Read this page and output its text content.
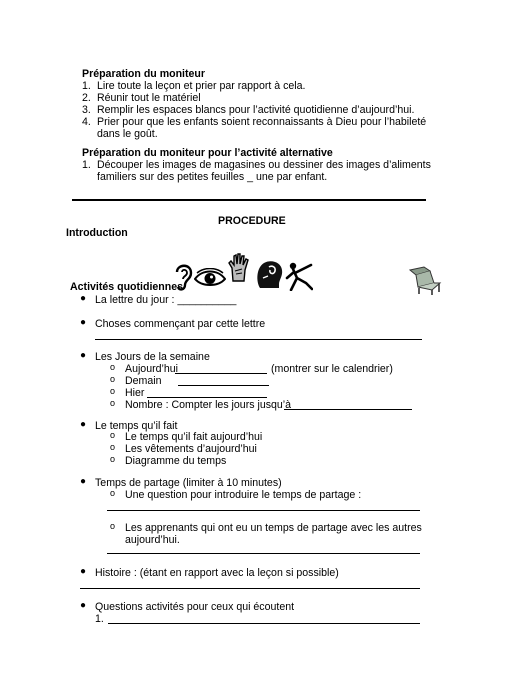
Préparation du moniteur
1. Lire toute la leçon et prier par rapport à cela.
2. Réunir tout le matériel
3. Remplir les espaces blancs pour l’activité quotidienne d’aujourd’hui.
4. Prier pour que les enfants soient reconnaissants à Dieu pour l’habileté
dans le goût.
Préparation du moniteur pour l’activité alternative
1. Découper les images de magasines ou dessiner des images d’aliments
familiers sur des petites feuilles _ une par enfant.
PROCEDURE
Introduction
Activités quotidiennes
● La lettre du jour : __________
● Choses commençant par cette lettre
● Les Jours de la semaine
o Aujourd’hui	(montrer sur le calendrier)
o Demain
o Hier
o Nombre : Compter les jours jusqu’à
● Le temps qu’il fait
o Le temps qu’il fait aujourd’hui
o Les vêtements d’aujourd’hui
o Diagramme du temps
● Temps de partage (limiter à 10 minutes)
o Une question pour introduire le temps de partage :
o Les apprenants qui ont eu un temps de partage avec les autres
aujourd’hui.
● Histoire : (étant en rapport avec la leçon si possible)
● Questions activités pour ceux qui écoutent
1.
